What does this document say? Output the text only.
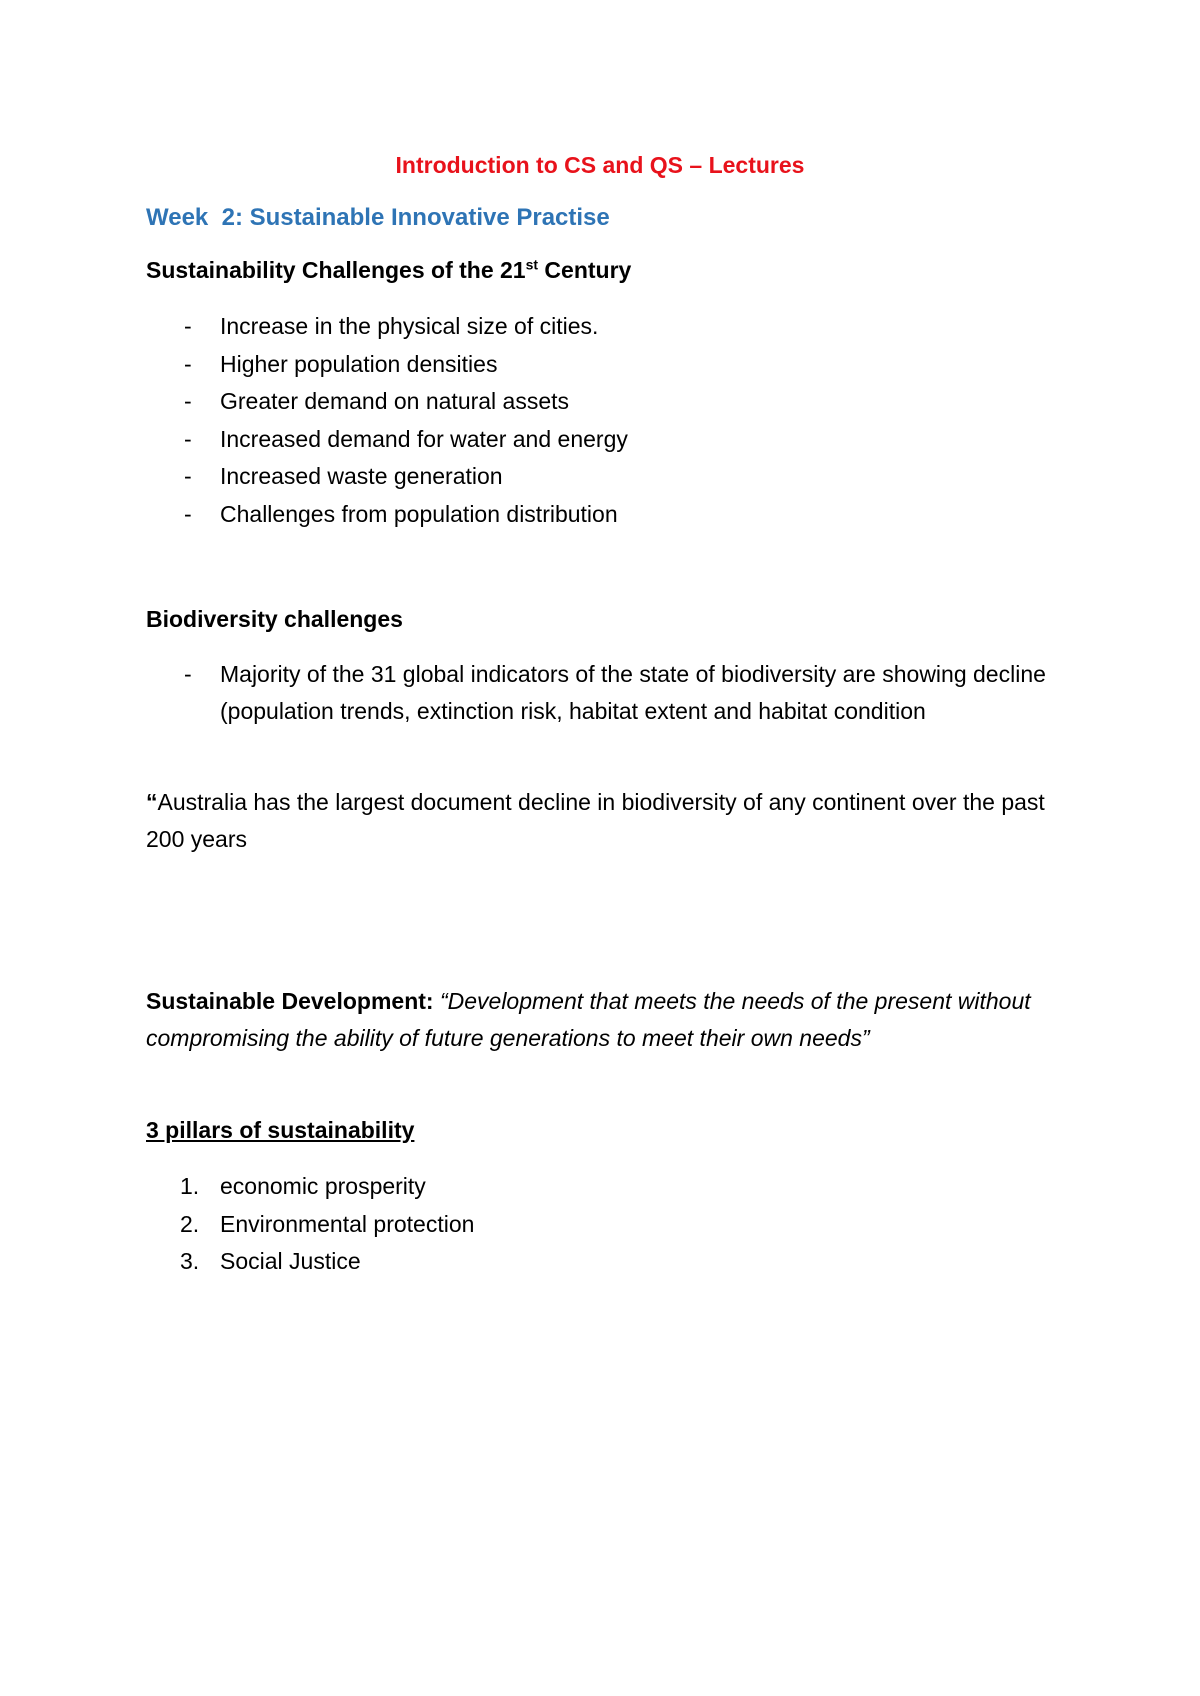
Introduction to CS and QS – Lectures
Week  2: Sustainable Innovative Practise
Sustainability Challenges of the 21st Century
- Increase in the physical size of cities.
- Higher population densities
- Greater demand on natural assets
- Increased demand for water and energy
- Increased waste generation
- Challenges from population distribution
Biodiversity challenges
- Majority of the 31 global indicators of the state of biodiversity are showing decline (population trends, extinction risk, habitat extent and habitat condition

“Australia has the largest document decline in biodiversity of any continent over the past 200 years

Sustainable Development: “Development that meets the needs of the present without compromising the ability of future generations to meet their own needs”

3 pillars of sustainability
1. economic prosperity
2. Environmental protection
3. Social Justice
